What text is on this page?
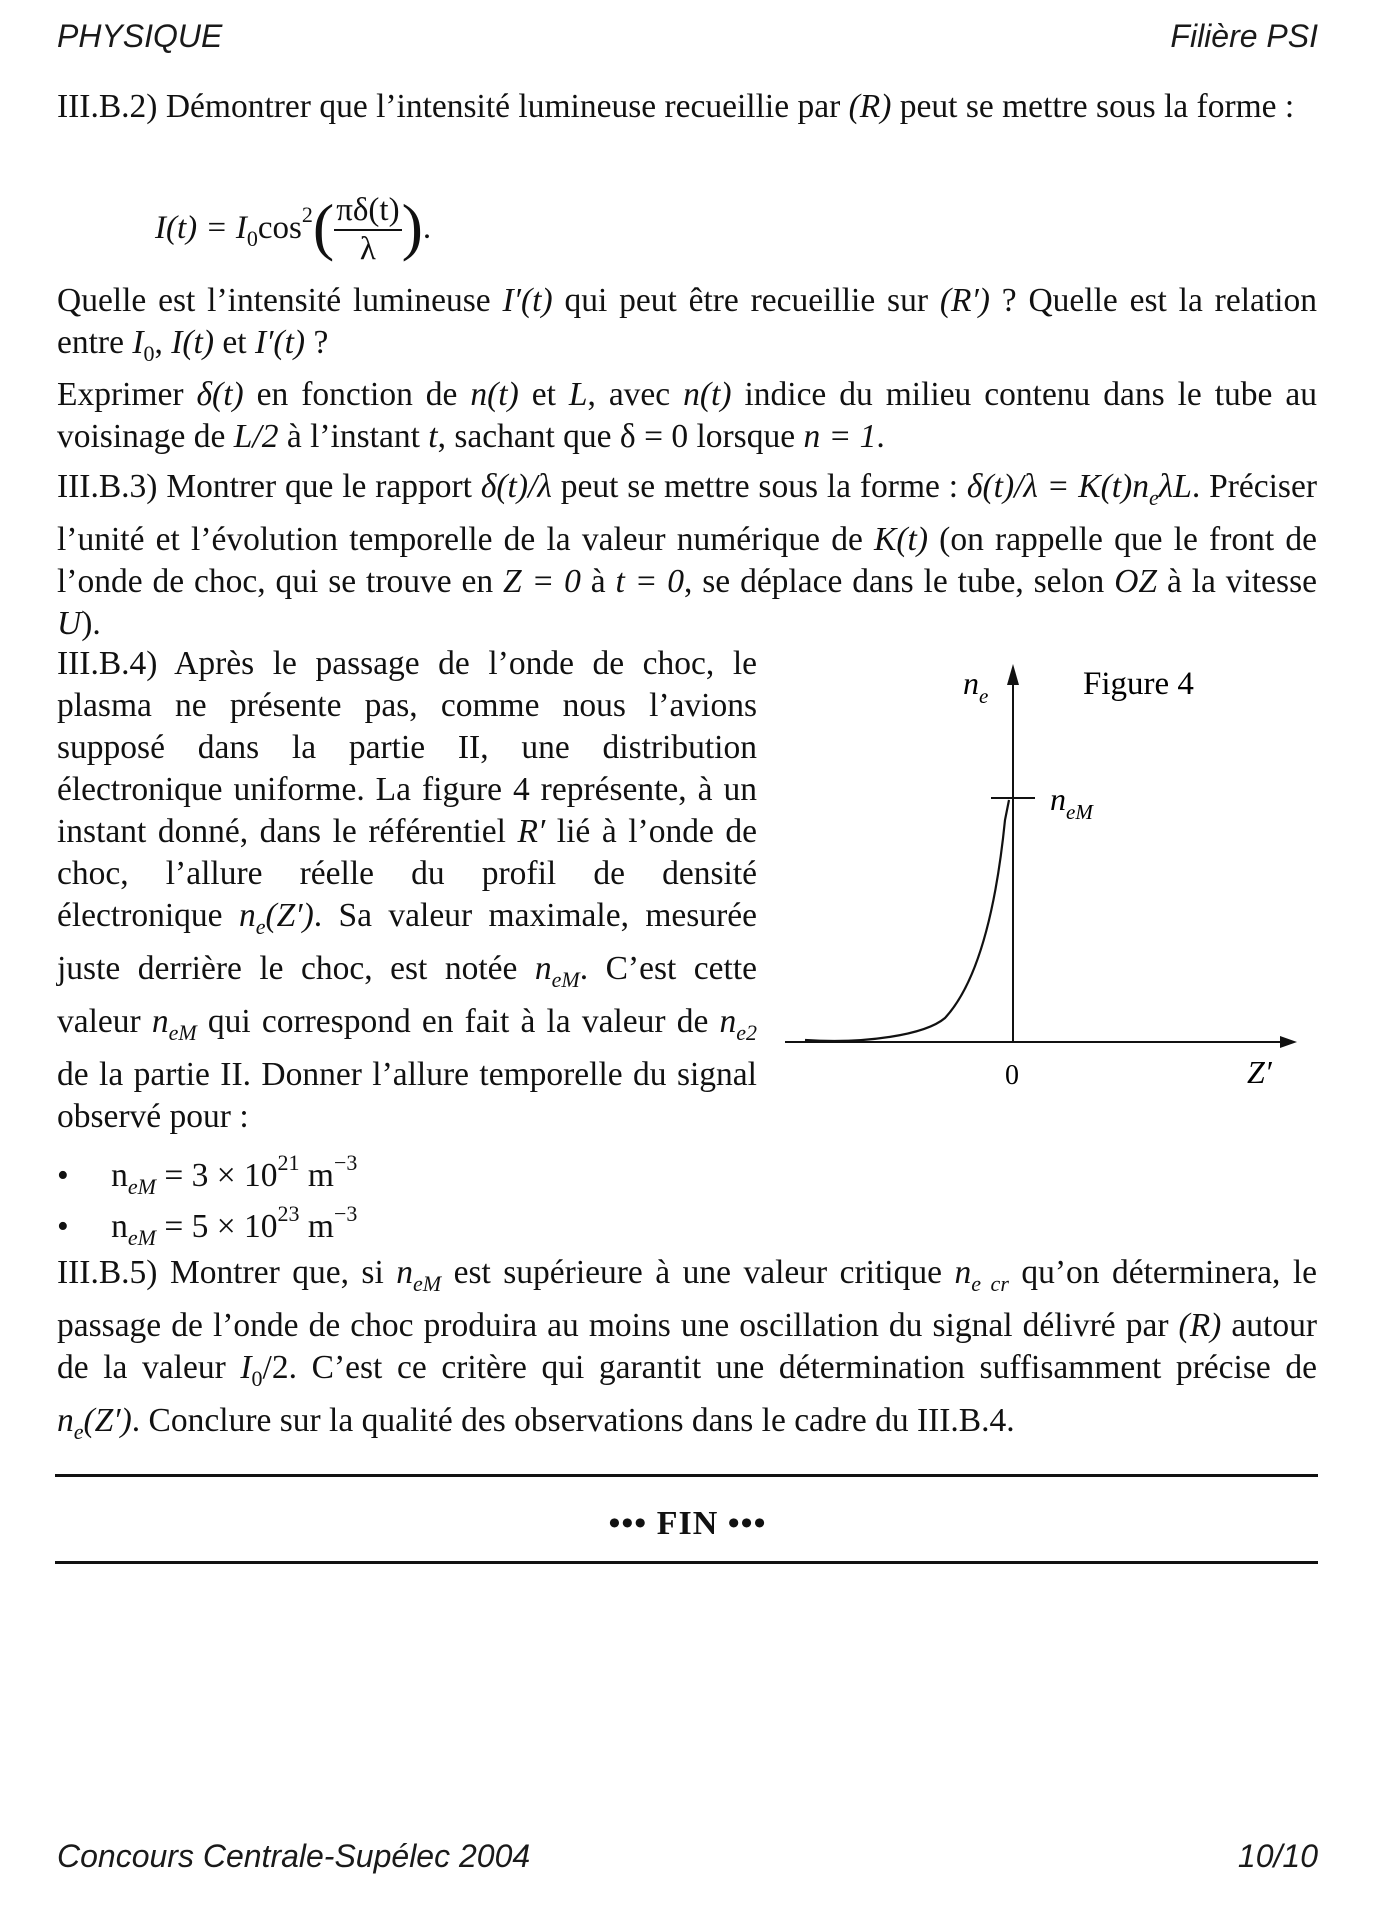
PHYSIQUE	Filière PSI

III.B.2) Démontrer que l’intensité lumineuse recueillie par (R) peut se mettre sous la forme :

$I(t) = I_0\cos^2( \frac{\pi\delta(t)}{\lambda}$ ).

Quelle est l’intensité lumineuse I′(t) qui peut être recueillie sur (R′) ? Quelle est la relation entre $I_0$, I(t) et I′(t) ?

Exprimer δ(t) en fonction de n(t) et L, avec n(t) indice du milieu contenu dans le tube au voisinage de L/2 à l’instant t, sachant que δ = 0 lorsque n = 1.

III.B.3) Montrer que le rapport δ(t)/λ peut se mettre sous la forme : $\delta(t)/\lambda = K(t)n_e\lambda L$. Préciser l’unité et l’évolution temporelle de la valeur numérique de K(t) (on rappelle que le front de l’onde de choc, qui se trouve en Z = 0 à t = 0, se déplace dans le tube, selon OZ à la vitesse U).

III.B.4) Après le passage de l’onde de choc, le plasma ne présente pas, comme nous l’avions supposé dans la partie II, une distribution électronique uniforme. La figure 4 représente, à un instant donné, dans le référentiel R′ lié à l’onde de choc, l’allure réelle du profil de densité électronique $n_e(Z')$. Sa valeur maximale, mesurée juste derrière le choc, est notée $n_{eM}$. C’est cette valeur $n_{eM}$ qui correspond en fait à la valeur de $n_{e2}$ de la partie II. Donner l’allure temporelle du signal observé pour :

• $n_{eM} = 3 \times 10^{21}$ $m^{-3}$
• $n_{eM} = 5 \times 10^{23}$ $m^{-3}$
Figure 4
$n_e$
$n_{eM}$
0	Z′

III.B.5) Montrer que, si $n_{eM}$ est supérieure à une valeur critique $n_{e cr}$ qu’on déterminera, le passage de l’onde de choc produira au moins une oscillation du signal délivré par (R) autour de la valeur $I_0/2$. C’est ce critère qui garantit une détermination suffisamment précise de $n_e(Z')$. Conclure sur la qualité des observations dans le cadre du III.B.4.

••• FIN •••
Concours Centrale-Supélec 2004	10/10
